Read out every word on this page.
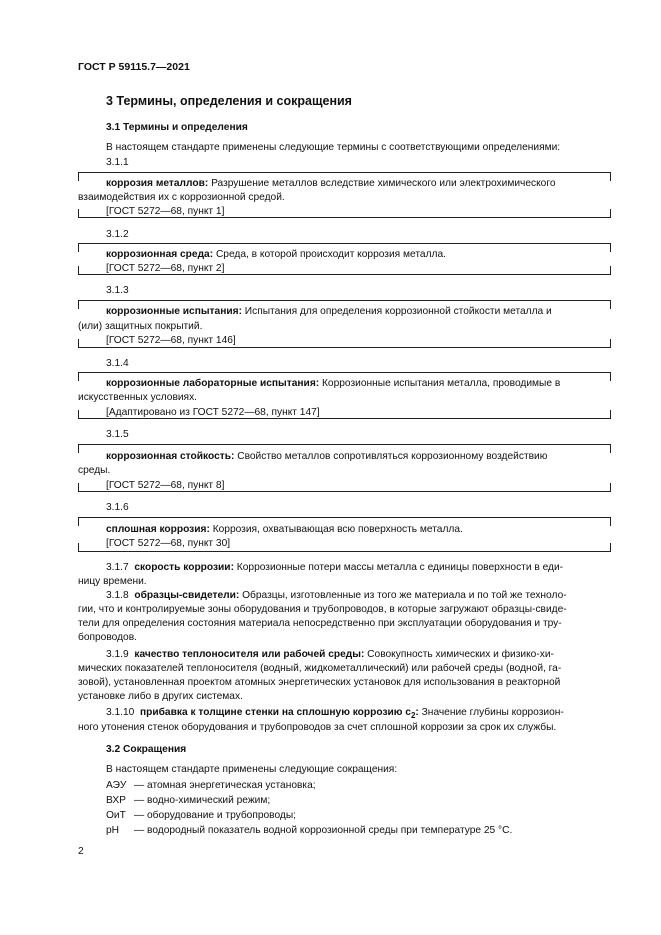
ГОСТ Р 59115.7—2021
3 Термины, определения и сокращения
3.1 Термины и определения
В настоящем стандарте применены следующие термины с соответствующими определениями:
3.1.1
коррозия металлов: Разрушение металлов вследствие химического или электрохимического
взаимодействия их с коррозионной средой.
[ГОСТ 5272—68, пункт 1]
3.1.2
коррозионная среда: Среда, в которой происходит коррозия металла.
[ГОСТ 5272—68, пункт 2]
3.1.3
коррозионные испытания: Испытания для определения коррозионной стойкости металла и
(или) защитных покрытий.
[ГОСТ 5272—68, пункт 146]
3.1.4
коррозионные лабораторные испытания: Коррозионные испытания металла, проводимые в
искусственных условиях.
[Адаптировано из ГОСТ 5272—68, пункт 147]
3.1.5
коррозионная стойкость: Свойство металлов сопротивляться коррозионному воздействию
среды.
[ГОСТ 5272—68, пункт 8]
3.1.6
сплошная коррозия: Коррозия, охватывающая всю поверхность металла.
[ГОСТ 5272—68, пункт 30]
3.1.7 скорость коррозии: Коррозионные потери массы металла с единицы поверхности в еди-
ницу времени.
3.1.8 образцы-свидетели: Образцы, изготовленные из того же материала и по той же техноло-
гии, что и контролируемые зоны оборудования и трубопроводов, в которые загружают образцы-свиде-
тели для определения состояния материала непосредственно при эксплуатации оборудования и тру-
бопроводов.
3.1.9 качество теплоносителя или рабочей среды: Совокупность химических и физико-хи-
мических показателей теплоносителя (водный, жидкометаллический) или рабочей среды (водной, га-
зовой), установленная проектом атомных энергетических установок для использования в реакторной
установке либо в других системах.
3.1.10 прибавка к толщине стенки на сплошную коррозию $c_2$: Значение глубины коррозион-
ного утонения стенок оборудования и трубопроводов за счет сплошной коррозии за срок их службы.
3.2 Сокращения
В настоящем стандарте применены следующие сокращения:
АЭУ — атомная энергетическая установка;
ВХР — водно-химический режим;
ОиТ — оборудование и трубопроводы;
рН — водородный показатель водной коррозионной среды при температуре 25 °С.
2
